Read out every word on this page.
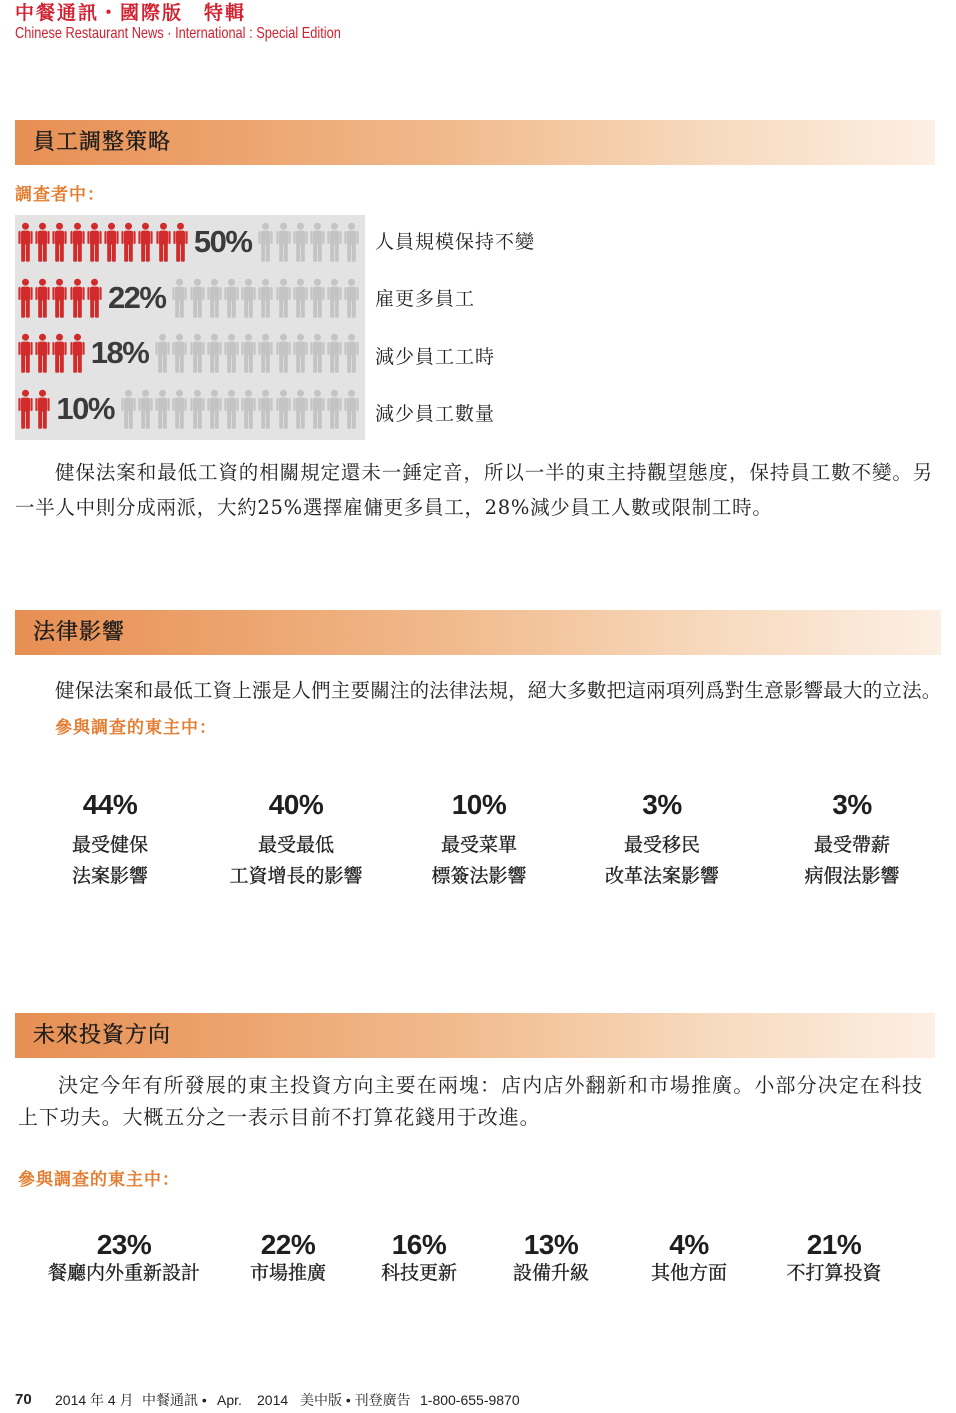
中餐通訊・國際版　特輯
Chinese Restaurant News · International : Special Edition
員工調整策略
調查者中：
50%
22%
18%
10%
人員規模保持不變
雇更多員工
減少員工工時
減少員工數量

健保法案和最低工資的相關規定還未一錘定音，所以一半的東主持觀望態度，保持員工數不變。另一半人中則分成兩派，大約25%選擇雇傭更多員工，28%減少員工人數或限制工時。

法律影響

健保法案和最低工資上漲是人們主要關注的法律法規，絕大多數把這兩項列爲對生意影響最大的立法。

參與調查的東主中：
44%
最受健保
法案影響
40%
最受最低
工資增長的影響
10%
最受菜單
標簽法影響
3%
最受移民
改革法案影響
3%
最受帶薪
病假法影響
未來投資方向

決定今年有所發展的東主投資方向主要在兩塊：店内店外翻新和市場推廣。小部分决定在科技上下功夫。大概五分之一表示目前不打算花錢用于改進。

參與調查的東主中：
23%
餐廳内外重新設計
22%
市場推廣
16%
科技更新
13%
設備升級
4%
其他方面
21%
不打算投資
70 2014 年 4 月 中餐通訊 • Apr. 2014 美中版 • 刊登廣告 1-800-655-9870
